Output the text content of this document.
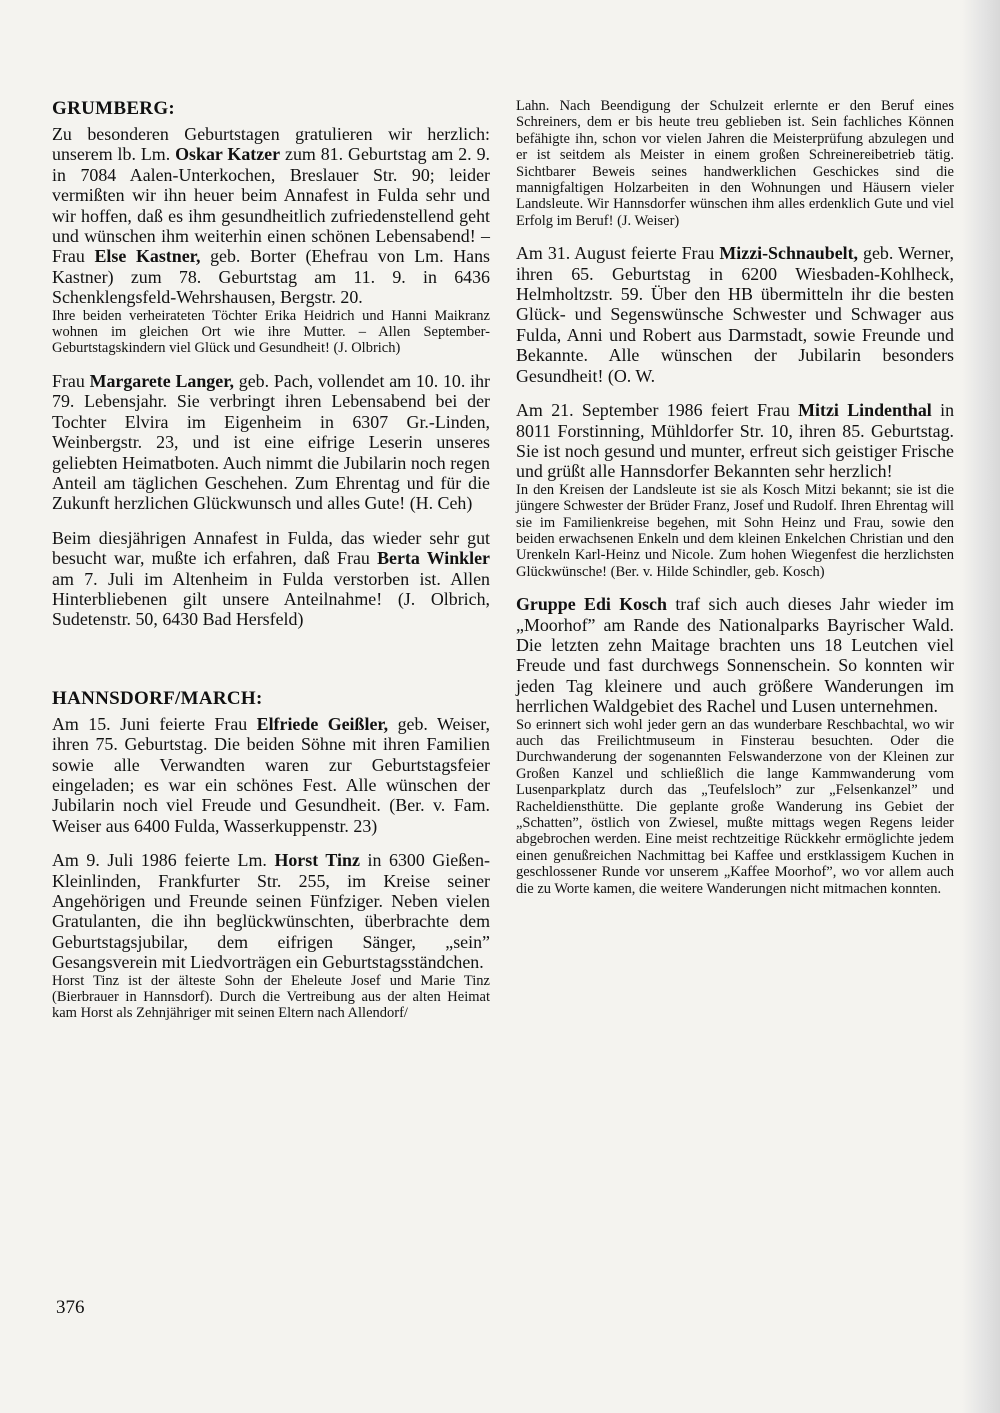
GRUMBERG:

Zu besonderen Geburtstagen gratulieren wir herzlich: unserem lb. Lm. Oskar Katzer zum 81. Geburtstag am 2. 9. in 7084 Aalen-Unterkochen, Breslauer Str. 90; leider vermißten wir ihn heuer beim Annafest in Fulda sehr und wir hoffen, daß es ihm gesundheitlich zufriedenstellend geht und wünschen ihm weiterhin einen schönen Lebensabend! – Frau Else Kastner, geb. Borter (Ehefrau von Lm. Hans Kastner) zum 78. Geburtstag am 11. 9. in 6436 Schenklengsfeld-Wehrshausen, Bergstr. 20.

Ihre beiden verheirateten Töchter Erika Heidrich und Hanni Maikranz wohnen im gleichen Ort wie ihre Mutter. – Allen September-Geburtstagskindern viel Glück und Gesundheit! (J. Olbrich)

Frau Margarete Langer, geb. Pach, vollendet am 10. 10. ihr 79. Lebensjahr. Sie verbringt ihren Lebensabend bei der Tochter Elvira im Eigenheim in 6307 Gr.-Linden, Weinbergstr. 23, und ist eine eifrige Leserin unseres geliebten Heimatboten. Auch nimmt die Jubilarin noch regen Anteil am täglichen Geschehen. Zum Ehrentag und für die Zukunft herzlichen Glückwunsch und alles Gute! (H. Ceh)

Beim diesjährigen Annafest in Fulda, das wieder sehr gut besucht war, mußte ich erfahren, daß Frau Berta Winkler am 7. Juli im Altenheim in Fulda verstorben ist. Allen Hinterbliebenen gilt unsere Anteilnahme! (J. Olbrich, Sudetenstr. 50, 6430 Bad Hersfeld)

HANNSDORF/MARCH:

Am 15. Juni feierte Frau Elfriede Geißler, geb. Weiser, ihren 75. Geburtstag. Die beiden Söhne mit ihren Familien sowie alle Verwandten waren zur Geburtstagsfeier eingeladen; es war ein schönes Fest. Alle wünschen der Jubilarin noch viel Freude und Gesundheit. (Ber. v. Fam. Weiser aus 6400 Fulda, Wasserkuppenstr. 23)

Am 9. Juli 1986 feierte Lm. Horst Tinz in 6300 Gießen-Kleinlinden, Frankfurter Str. 255, im Kreise seiner Angehörigen und Freunde seinen Fünfziger. Neben vielen Gratulanten, die ihn beglückwünschten, überbrachte dem Geburtstagsjubilar, dem eifrigen Sänger, „sein” Gesangsverein mit Liedvorträgen ein Geburtstagsständchen.

Horst Tinz ist der älteste Sohn der Eheleute Josef und Marie Tinz (Bierbrauer in Hannsdorf). Durch die Vertreibung aus der alten Heimat kam Horst als Zehnjähriger mit seinen Eltern nach Allendorf/

Lahn. Nach Beendigung der Schulzeit erlernte er den Beruf eines Schreiners, dem er bis heute treu geblieben ist. Sein fachliches Können befähigte ihn, schon vor vielen Jahren die Meisterprüfung abzulegen und er ist seitdem als Meister in einem großen Schreinereibetrieb tätig. Sichtbarer Beweis seines handwerklichen Geschickes sind die mannigfaltigen Holzarbeiten in den Wohnungen und Häusern vieler Landsleute. Wir Hannsdorfer wünschen ihm alles erdenklich Gute und viel Erfolg im Beruf! (J. Weiser)

Am 31. August feierte Frau Mizzi-Schnaubelt, geb. Werner, ihren 65. Geburtstag in 6200 Wiesbaden-Kohlheck, Helmholtzstr. 59. Über den HB übermitteln ihr die besten Glück- und Segenswünsche Schwester und Schwager aus Fulda, Anni und Robert aus Darmstadt, sowie Freunde und Bekannte. Alle wünschen der Jubilarin besonders Gesundheit! (O. W.

Am 21. September 1986 feiert Frau Mitzi Lindenthal in 8011 Forstinning, Mühldorfer Str. 10, ihren 85. Geburtstag. Sie ist noch gesund und munter, erfreut sich geistiger Frische und grüßt alle Hannsdorfer Bekannten sehr herzlich!

In den Kreisen der Landsleute ist sie als Kosch Mitzi bekannt; sie ist die jüngere Schwester der Brüder Franz, Josef und Rudolf. Ihren Ehrentag will sie im Familienkreise begehen, mit Sohn Heinz und Frau, sowie den beiden erwachsenen Enkeln und dem kleinen Enkelchen Christian und den Urenkeln Karl-Heinz und Nicole. Zum hohen Wiegenfest die herzlichsten Glückwünsche! (Ber. v. Hilde Schindler, geb. Kosch)

Gruppe Edi Kosch traf sich auch dieses Jahr wieder im „Moorhof” am Rande des Nationalparks Bayrischer Wald. Die letzten zehn Maitage brachten uns 18 Leutchen viel Freude und fast durchwegs Sonnenschein. So konnten wir jeden Tag kleinere und auch größere Wanderungen im herrlichen Waldgebiet des Rachel und Lusen unternehmen.

So erinnert sich wohl jeder gern an das wunderbare Reschbachtal, wo wir auch das Freilichtmuseum in Finsterau besuchten. Oder die Durchwanderung der sogenannten Felswanderzone von der Kleinen zur Großen Kanzel und schließlich die lange Kammwanderung vom Lusenparkplatz durch das „Teufelsloch” zur „Felsenkanzel” und Racheldiensthütte. Die geplante große Wanderung ins Gebiet der „Schatten”, östlich von Zwiesel, mußte mittags wegen Regens leider abgebrochen werden. Eine meist rechtzeitige Rückkehr ermöglichte jedem einen genußreichen Nachmittag bei Kaffee und erstklassigem Kuchen in geschlossener Runde vor unserem „Kaffee Moorhof”, wo vor allem auch die zu Worte kamen, die weitere Wanderungen nicht mitmachen konnten.

376
